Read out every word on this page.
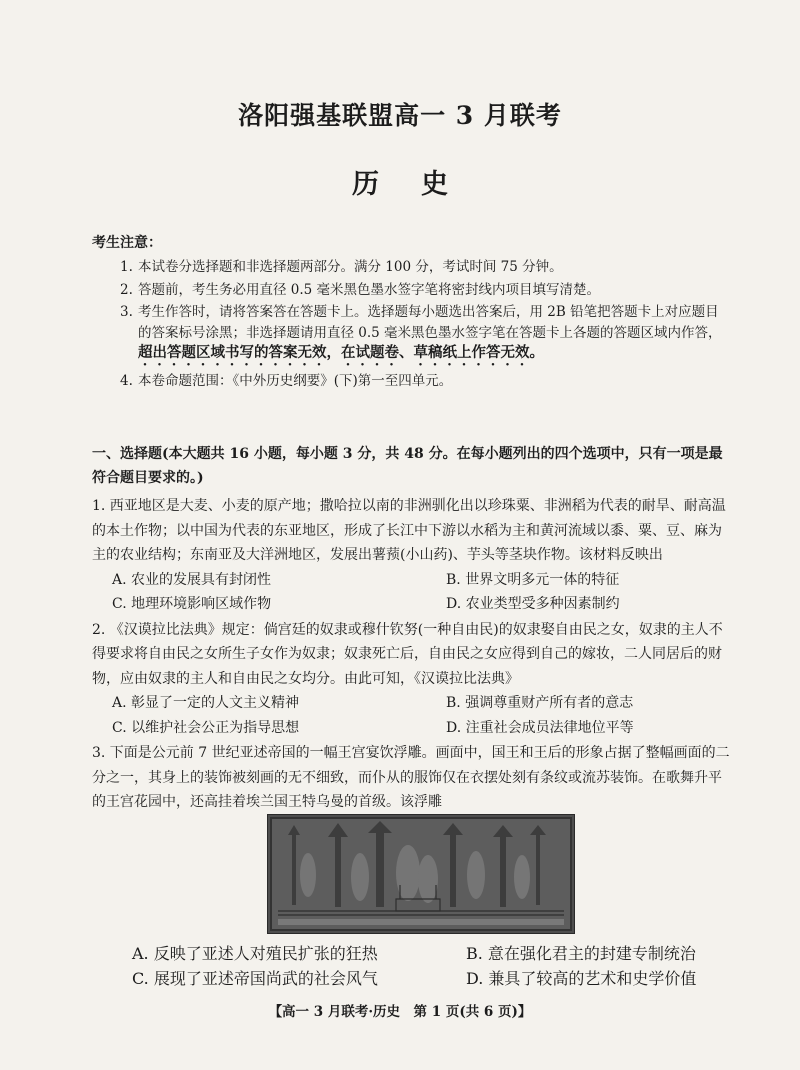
洛阳强基联盟高一 3 月联考
历史
考生注意：
1. 本试卷分选择题和非选择题两部分。满分 100 分，考试时间 75 分钟。
2. 答题前，考生务必用直径 0.5 毫米黑色墨水签字笔将密封线内项目填写清楚。
3. 考生作答时，请将答案答在答题卡上。选择题每小题选出答案后，用 2B 铅笔把答题卡上对应题目的答案标号涂黑；非选择题请用直径 0.5 毫米黑色墨水签字笔在答题卡上各题的答题区域内作答，超出答题区域书写的答案无效，在试题卷、草稿纸上作答无效。
4. 本卷命题范围：《中外历史纲要》(下)第一至四单元。
一、选择题(本大题共 16 小题，每小题 3 分，共 48 分。在每小题列出的四个选项中，只有一项是最符合题目要求的。)
1. 西亚地区是大麦、小麦的原产地；撒哈拉以南的非洲驯化出以珍珠粟、非洲稻为代表的耐旱、耐高温的本土作物；以中国为代表的东亚地区，形成了长江中下游以水稻为主和黄河流域以黍、粟、豆、麻为主的农业结构；东南亚及大洋洲地区，发展出薯蓣(小山药)、芋头等茎块作物。该材料反映出
A. 农业的发展具有封闭性	B. 世界文明多元一体的特征
C. 地理环境影响区域作物	D. 农业类型受多种因素制约
2. 《汉谟拉比法典》规定：倘宫廷的奴隶或穆什钦努(一种自由民)的奴隶娶自由民之女，奴隶的主人不得要求将自由民之女所生子女作为奴隶；奴隶死亡后，自由民之女应得到自己的嫁妆，二人同居后的财物，应由奴隶的主人和自由民之女均分。由此可知，《汉谟拉比法典》
A. 彰显了一定的人文主义精神	B. 强调尊重财产所有者的意志
C. 以维护社会公正为指导思想	D. 注重社会成员法律地位平等
3. 下面是公元前 7 世纪亚述帝国的一幅王宫宴饮浮雕。画面中，国王和王后的形象占据了整幅画面的二分之一，其身上的装饰被刻画的无不细致，而仆从的服饰仅在衣摆处刻有条纹或流苏装饰。在歌舞升平的王宫花园中，还高挂着埃兰国王特乌曼的首级。该浮雕
A. 反映了亚述人对殖民扩张的狂热	B. 意在强化君主的封建专制统治
C. 展现了亚述帝国尚武的社会风气	D. 兼具了较高的艺术和史学价值
【高一 3 月联考·历史　第 1 页(共 6 页)】
